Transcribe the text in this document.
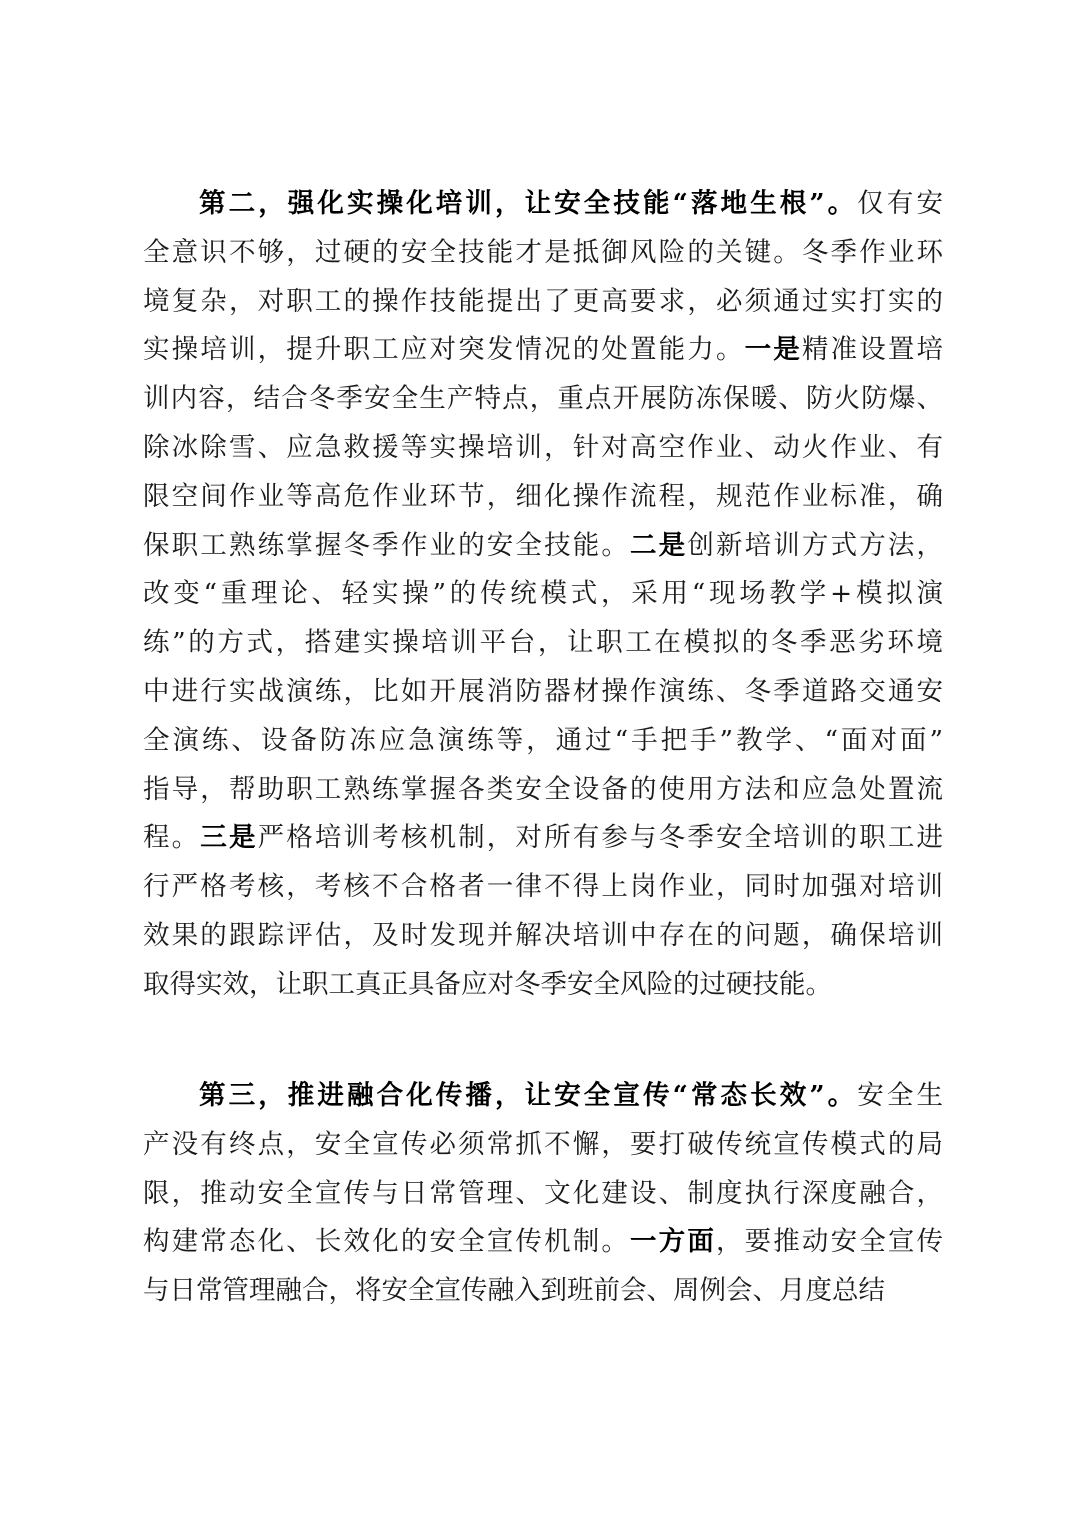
第二，强化实操化培训，让安全技能“落地生根”。仅有安
全意识不够，过硬的安全技能才是抵御风险的关键。冬季作业环
境复杂，对职工的操作技能提出了更高要求，必须通过实打实的
实操培训，提升职工应对突发情况的处置能力。一是精准设置培
训内容，结合冬季安全生产特点，重点开展防冻保暖、防火防爆、
除冰除雪、应急救援等实操培训，针对高空作业、动火作业、有
限空间作业等高危作业环节，细化操作流程，规范作业标准，确
保职工熟练掌握冬季作业的安全技能。二是创新培训方式方法，
改变“重理论、轻实操”的传统模式，采用“现场教学+模拟演
练”的方式，搭建实操培训平台，让职工在模拟的冬季恶劣环境
中进行实战演练，比如开展消防器材操作演练、冬季道路交通安
全演练、设备防冻应急演练等，通过“手把手”教学、“面对面”
指导，帮助职工熟练掌握各类安全设备的使用方法和应急处置流
程。三是严格培训考核机制，对所有参与冬季安全培训的职工进
行严格考核，考核不合格者一律不得上岗作业，同时加强对培训
效果的跟踪评估，及时发现并解决培训中存在的问题，确保培训
取得实效，让职工真正具备应对冬季安全风险的过硬技能。
第三，推进融合化传播，让安全宣传“常态长效”。安全生
产没有终点，安全宣传必须常抓不懈，要打破传统宣传模式的局
限，推动安全宣传与日常管理、文化建设、制度执行深度融合，
构建常态化、长效化的安全宣传机制。一方面，要推动安全宣传
与日常管理融合，将安全宣传融入到班前会、周例会、月度总结
